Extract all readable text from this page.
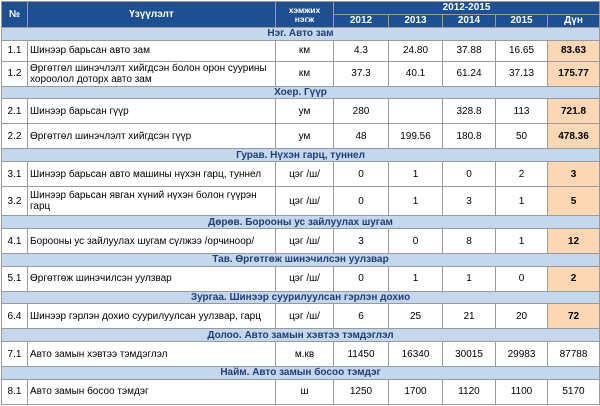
№	Үзүүлэлт	хэмжих нэгж	2012-2015				
			2012	2013	2014	2015	Дүн
Нэг. Авто зам							
1.1	Шинээр барьсан авто зам	км	4.3	24.80	37.88	16.65	83.63
1.2	Өргөтгөл шинэчлэлт хийгдсэн болон орон суурины хороолол доторх авто зам	км	37.3	40.1	61.24	37.13	175.77
Хоер. Гүүр							
2.1	Шинээр барьсан гүүр	ум	280		328.8	113	721.8
2.2	Өргөтгөл шинэчлэлт хийгдсэн гүүр	ум	48	199.56	180.8	50	478.36
Гурав. Нүхэн гарц, туннел							
3.1	Шинээр барьсан авто машины нүхэн гарц, туннел	цэг /ш/	0	1	0	2	3
3.2	Шинээр барьсан явган хүний нүхэн болон гүүрэн гарц	цэг /ш/	0	1	3	1	5
Дөрөв. Борооны ус зайлуулах шугам							
4.1	Борооны ус зайлуулах шугам сүлжээ /орчиноор/	цэг /ш/	3	0	8	1	12
Тав. Өргөтгөж шинэчилсэн уулзвар							
5.1	Өргөтгөж шинэчилсэн уулзвар	цэг /ш/	0	1	1	0	2
Зургаа. Шинээр суурилуулсан гэрлэн дохио							
6.4	Шинээр гэрлэн дохио суурилуулсан уулзвар, гарц	цэг /ш/	6	25	21	20	72
Долоо. Авто замын хэвтээ тэмдэглэл							
7.1	Авто замын хэвтээ тэмдэглэл	м.кв	11450	16340	30015	29983	87788
Найм. Авто замын босоо тэмдэг							
8.1	Авто замын босоо тэмдэг	ш	1250	1700	1120	1100	5170
